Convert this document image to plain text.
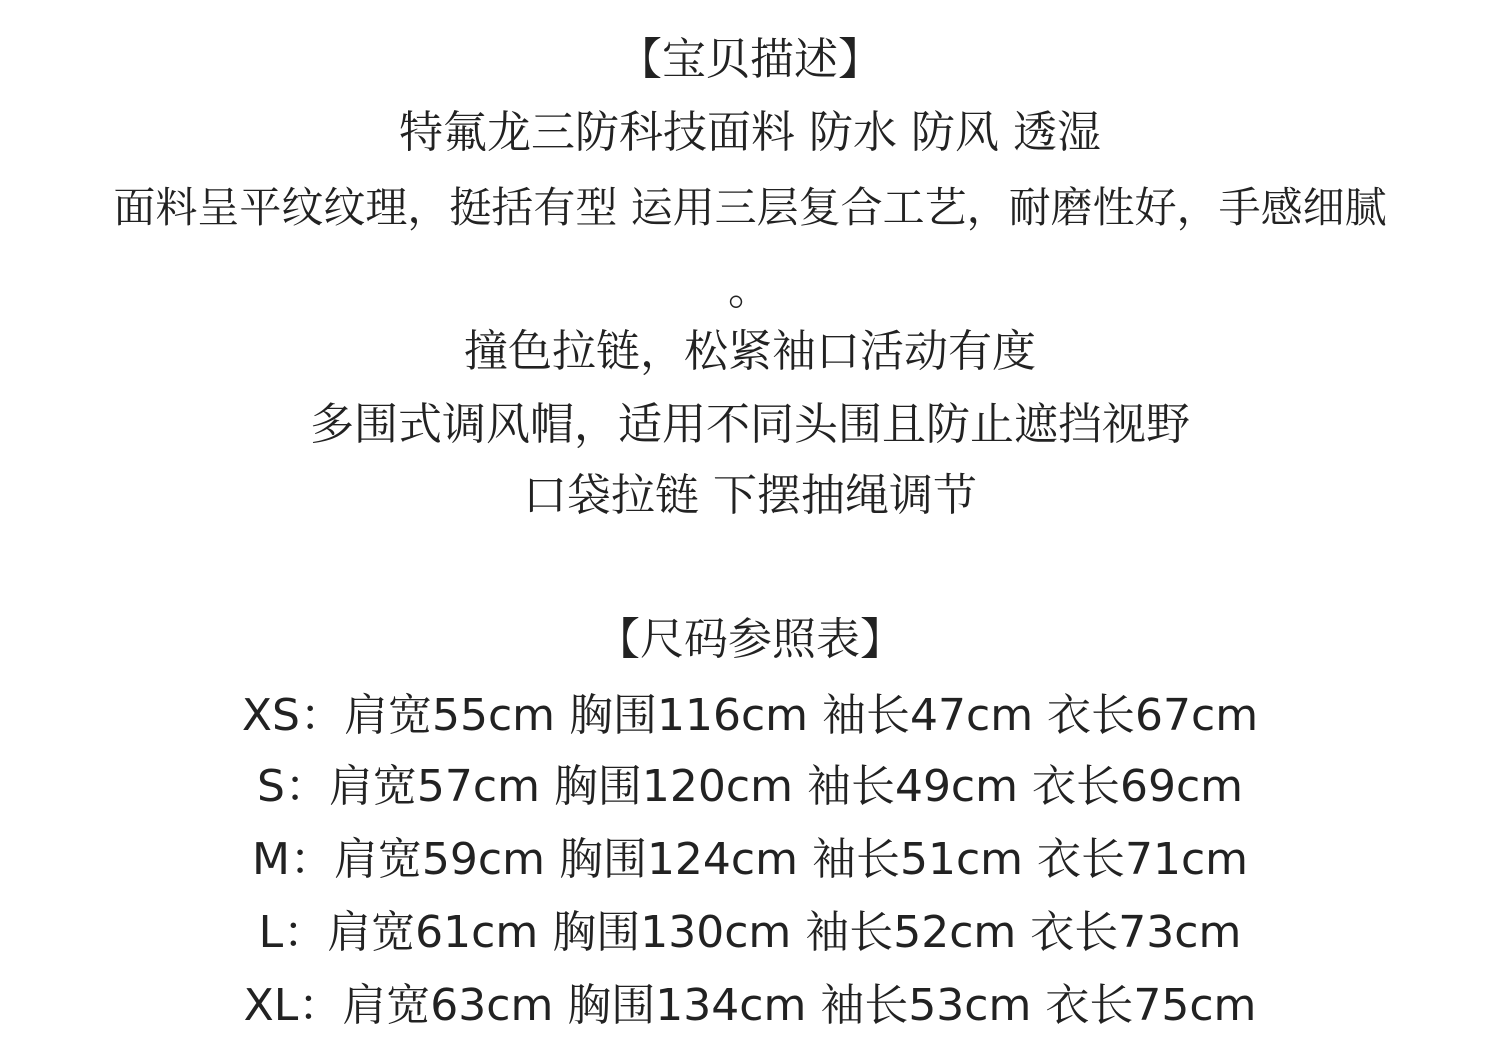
【宝贝描述】
特氟龙三防科技面料 防水 防风 透湿
面料呈平纹纹理，挺括有型 运用三层复合工艺，耐磨性好，手感细腻
。
撞色拉链，松紧袖口活动有度
多围式调风帽，适用不同头围且防止遮挡视野
口袋拉链 下摆抽绳调节
【尺码参照表】
XS：肩宽55cm 胸围116cm 袖长47cm 衣长67cm
S：肩宽57cm 胸围120cm 袖长49cm 衣长69cm
M：肩宽59cm 胸围124cm 袖长51cm 衣长71cm
L：肩宽61cm 胸围130cm 袖长52cm 衣长73cm
XL：肩宽63cm 胸围134cm 袖长53cm 衣长75cm
